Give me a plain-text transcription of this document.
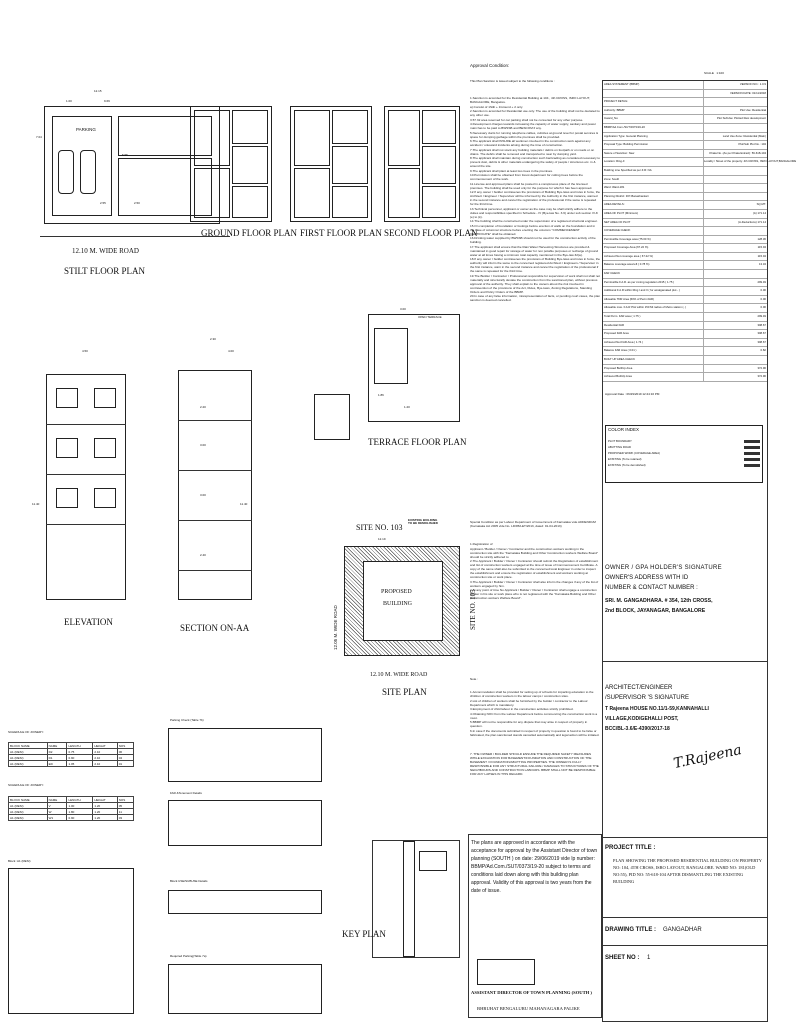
SCALE 1:100
PARKING
12.15
1.00	9.69
7.04
5.55
2.55	2.50
12.10 M. WIDE ROAD
STILT FLOOR PLAN
GROUND FLOOR PLAN FIRST FLOOR PLAN SECOND FLOOR PLAN
4.50
11.40
ELEVATION
2.30
4.00
2.20
3.00
3.00
2.40
11.40
SECTION ON-AA
OPEN TERRACE
1.86
1.20
3.00
TERRACE FLOOR PLAN
SITE NO. 103
EXISTING BUILDING
TO BE DEMOLISHED
PROPOSED
BUILDING
12.19
SITE NO. 105
12.05 M. WIDE ROAD
12.10 M. WIDE ROAD
SITE PLAN
SCHEDULE OF JOINERY:
BLOCK NAME	NAME	LENGTH	HEIGHT	NOS
A1 (RESI)	D2	0.75	2.10	06
A1 (RESI)	D1	0.90	2.10	04
A1 (RESI)	ED	1.05	2.10	01
SCHEDULE OF JOINERY:
BLOCK NAME	NAME	LENGTH	HEIGHT	NOS
A1 (RESI)	V	1.00	1.20	05
A1 (RESI)	W	1.80	1.20	11
A1 (RESI)	W1	0.90	1.20	03
Parking Check (Table 7b)
FAR &Tenement Details
Block :A1 (RESI)
Block USE/SUBUSE Details
Required Parking(Table 7a)
KEY PLAN
Approval Condition:
This Plan Sanction is issued subject to the following conditions :

1.Sanction is accorded for the Residential Building at 104 , 4th CROSS, ISRO LAYOUT, BANGALORE, Bangalore.

a).Consist of 1Stilt + 1Ground + 2 only.

2.Sanction is accorded for Residential use only. The use of the building shall not be deviated to any other use.

3.57.32 area reserved for car parking shall not be converted for any other purpose.

4.Development charges towards increasing the capacity of water supply, sanitary and power main has to be paid to BWSSB and BESCOM if any.

5.Necessary ducts for running telephone cables, cubicles at ground level for postal services & space for dumping garbage within the premises shall be provided.

6.The applicant shall INSURE all workmen involved in the construction work against any accident / untoward incidents arising during the time of construction.

7.The applicant shall not stock any building materials / debris on footpath or on roads or on drains. The debris shall be removed and transported to near by dumping yard.

8.The applicant shall maintain during construction such barricading as considered necessary to prevent dust, debris & other materials endangering the safety of people / structures etc. in & around the site.

9.The applicant shall plant at least two trees in the premises.

10.Permission shall be obtained from forest department for cutting trees before the commencement of the work.

11.License and approved plans shall be posted in a conspicuous place of the licensed premises. The building shall be used only for the purpose for which it has been approved.

12.If any owner / builder contravenes the provisions of Building Bye-laws and rules in force, the Architect / Engineer / Supervisor will be informed by the Authority in the first instance, warned in the second instance and cancel the registration of the professional if the same is repeated for the third time.

13.Technical personnel, applicant or owner as the case may be shall strictly adhere to the duties and responsibilities specified in Schedule - IV (Bye-law No. 3.6) under sub section IV-8 (e) to (k).

14.The building shall be constructed under the supervision of a registered structural engineer.

15.On completion of foundation or footings before erection of walls on the foundation and in the case of columnar structure before erecting the columns "COMMENCEMENT CERTIFICATE" shall be obtained.

16.Drinking water supplied by BWSSB should not be used for the construction activity of the building.

17.The applicant shall ensure that the Rain Water Harvesting Structures are provided & maintained in good repair for storage of water for non potable purposes or recharge of ground water at all times having a minimum total capacity mentioned in the Bye-law 32(a).

18.If any owner / builder contravenes the provisions of Building Bye-laws and rules in force, the authority will inform the same to the concerned registered Architect / Engineers / Supervisor in the first instance, warn in the second instance and cancel the registration of the professional if the same is repeated for the third time.

19.The Builder / Contractor / Professional responsible for supervision of work shall not shall not materially and structurally deviate the construction from the sanctioned plan, without previous approval of the authority. They shall explain to the owners about the risk involved in contravention of the provisions of the Act, Rules, Bye-laws, Zoning Regulations, Standing Orders and Policy Orders of the BBMP.

20.In case of any false information, misrepresentation of facts, or pending court cases, the plan sanction is deemed cancelled.

Special Condition as per Labour Department of Government of Karnataka vide ADDENDUM (Karnataka Act 2005 vide No. LD/95/LET/2013, dated: 01-04-2013)

1.Registration of

Applicant / Builder / Owner / Contractor and the construction workers working in the construction site with the "Karnataka Building and Other Construction workers Welfare Board" should be strictly adhered to

2.The Applicant / Builder / Owner / Contractor should submit the Registration of establishment and list of construction workers engaged at the time of issue of Commencement Certificate. A copy of the same shall also be submitted to the concerned local Engineer in order to inspect the establishment and ensure the registration of establishment and workers working at construction site or work place.

3.The Applicant / Builder / Owner / Contractor shall also inform the changes if any of the list of workers engaged by him.

4.At any point of time No Applicant / Builder / Owner / Contractor shall engage a construction worker in his site or work place who is not registered with the "Karnataka Building and Other Construction workers Welfare Board".

Note :

1.Accommodation shall be provided for setting up of schools for imparting education to the children of construction workers in the labour camps / construction sites.

2.List of children of workers shall be furnished by the builder / contractor to the Labour Department which is mandatory.

3.Employment of child labour in the construction activities strictly prohibited.

4.Obtaining NOC from the Labour Department before commencing the construction work is a must.

5.BBMP will not be responsible for any dispute that may arise in respect of property in question.

6.In case if the documents submitted in respect of property in question is found to be false or fabricated, the plan sanctioned stands cancelled automatically and legal action will be initiated.

7. THE OWNER / BUILDER SHOULD ENSURE THE REQUIRED SAFETY MEASURES WHILE EXCAVATION FOR BASEMENT/FOUNDATION AND CONSTRUCTION OF THE BASEMENT / FOUNDATION/ABUTTING PROPERTIES. THE OWNER IS FULLY RESPONSIBLE FOR ANY STRUCTURAL FAILURE / DAMAGES TO STRUCTURES OF THE NEIGHBOURS AND CONSTRUCTION LABOURS. BBMP SHALL NOT BE RESPONSIBLE FOR ANY LAPSES IN THIS REGARD.

The plans are approved in accordance with the acceptance for approval by the Assistant Director of town planning (SOUTH ) on date: 29/06/2019 vide lp number: BBMP/Ad.Com./SUT/0373/19-20 subject to terms and conditions laid down along with this building plan approval. Validity of this approval is two years from the date of issue.
ASSISTANT DIRECTOR OF TOWN PLANNING (SOUTH )
BHRUHAT BENGALURU MAHANAGARA PALIKE
AREA STATEMENT (BBMP)	VERSION NO.: 1.0.9
VERSION DATE: 01/11/2018
PROJECT DETAIL:
Authority: BBMP	Plot Use: Residential
Inward_No:	Plot SubUse: Plotted Resi development
BBMP/Ad.Com./SUT/0373/19-20
Application Type: General Planning	Land Use Zone: Residential (Main)
Proposal Type: Building Permission	Plot/Sub Plot No.: 104
Nature of Sanction: New	Khata No. (As per Khata Extract): 56-618-104
Location: Ring-II	Locality / Street of the property: 4th CROSS, ISRO LAYOUT,BANGALORE
Building Line Specified as per Z.R: NA
Zone: South
Ward: Ward-181
Planning District: 307-Banashankari
AREA DETAILS:	SQ.MT.
AREA OF PLOT (Minimum)	(A) 171.14
NET AREA OF PLOT	(A-Deductions) 171.14
COVERAGE CHECK
Permissible Coverage area (75.00 %)	128.36
Proposed Coverage Area (67.22 %)	115.04
Achieved Net coverage area ( 67.22 %)	115.04
Balance coverage area left ( 0.78 %)	13.32
FAR CHECK
Permissible F.A.R. as per zoning regulation 2015 ( 1.75 )	299.49
Additional F.A.R within Ring I and II ( for amalgamated plot - )	0.00
Allowable TDR Area (60% of Perm.FAR)	0.00
Allowable max. F.A.R Plot within 150 Mt radius of Metro station (- )	0.00
Total Perm. FAR area ( 1.75 )	299.49
Residential FAR	308.67
Proposed FAR Area	308.67
Achieved Net FAR Area ( 1.74 )	308.67
Balance FAR Area ( 0.01 )	0.82
BUILT UP AREA CHECK
Proposed BuiltUp Area	372.96
Achieved BuiltUp Area	372.96
Approval Date : 06/29/2019 12:44:16 PM
COLOR INDEX
PLOT BOUNDARY
ABUTTING ROAD
PROPOSED WORK (COVERAGE AREA)
EXISTING (To be retained)
EXISTING (To be demolished)
OWNER / GPA HOLDER'S SIGNATURE
OWNER'S ADDRESS WITH ID
NUMBER & CONTACT NUMBER :
SRI. M. GANGADHARA. # 354, 12th CROSS,
2nd BLOCK, JAYANAGAR, BANGALORE
ARCHITECT/ENGINEER
/SUPERVISOR 'S SIGNATURE
T Rajeena HOUSE NO.11/1-59,KANNAHALLI
VILLAGE,KODIGEHALLI POST,
BCC/BL-3.6/E-4390/2017-18
T.Rajeena
PROJECT TITLE :
PLAN SHOWING THE PROPOSED RESIDENTIAL BUILDING ON PROPERTY NO: 104, 4TH CROSS, ISRO LAYOUT, BANGALORE. WARD NO: 181(OLD NO:55), PID NO: 55-618-104 AFTER DISMANTLING THE EXISTING BUILDING
DRAWING TITLE : GANGADHAR
SHEET NO : 1
